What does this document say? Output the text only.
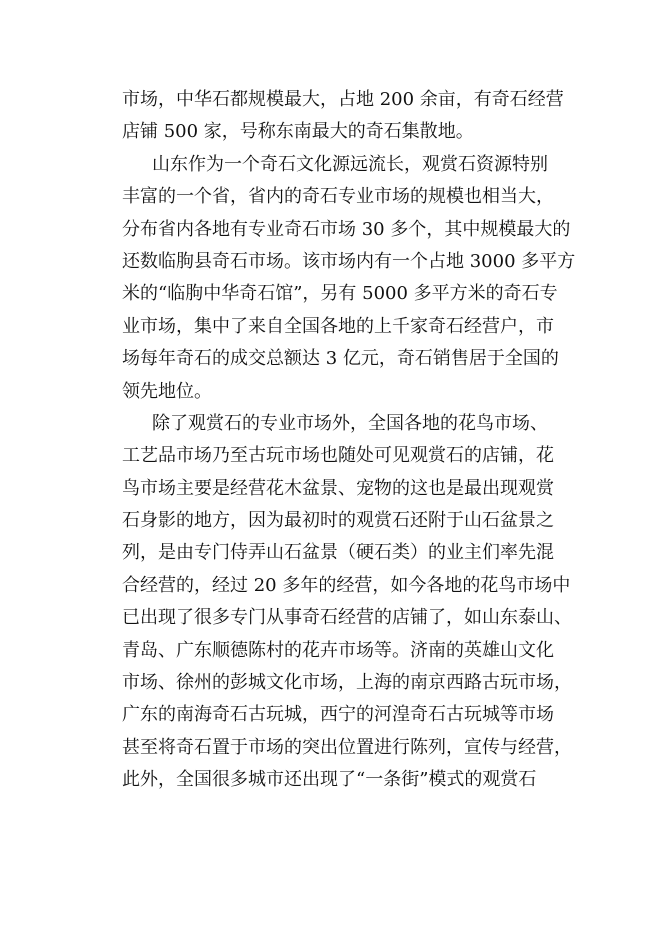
市场，中华石都规模最大，占地 200 余亩，有奇石经营
店铺 500 家，号称东南最大的奇石集散地。
山东作为一个奇石文化源远流长，观赏石资源特别
丰富的一个省，省内的奇石专业市场的规模也相当大，
分布省内各地有专业奇石市场 30 多个，其中规模最大的
还数临朐县奇石市场。该市场内有一个占地 3000 多平方
米的“临朐中华奇石馆”，另有 5000 多平方米的奇石专
业市场，集中了来自全国各地的上千家奇石经营户，市
场每年奇石的成交总额达 3 亿元，奇石销售居于全国的
领先地位。
除了观赏石的专业市场外，全国各地的花鸟市场、
工艺品市场乃至古玩市场也随处可见观赏石的店铺，花
鸟市场主要是经营花木盆景、宠物的这也是最出现观赏
石身影的地方，因为最初时的观赏石还附于山石盆景之
列，是由专门侍弄山石盆景（硬石类）的业主们率先混
合经营的，经过 20 多年的经营，如今各地的花鸟市场中
已出现了很多专门从事奇石经营的店铺了，如山东泰山、
青岛、广东顺德陈村的花卉市场等。济南的英雄山文化
市场、徐州的彭城文化市场，上海的南京西路古玩市场，
广东的南海奇石古玩城，西宁的河湟奇石古玩城等市场
甚至将奇石置于市场的突出位置进行陈列，宣传与经营，
此外，全国很多城市还出现了“一条街”模式的观赏石
